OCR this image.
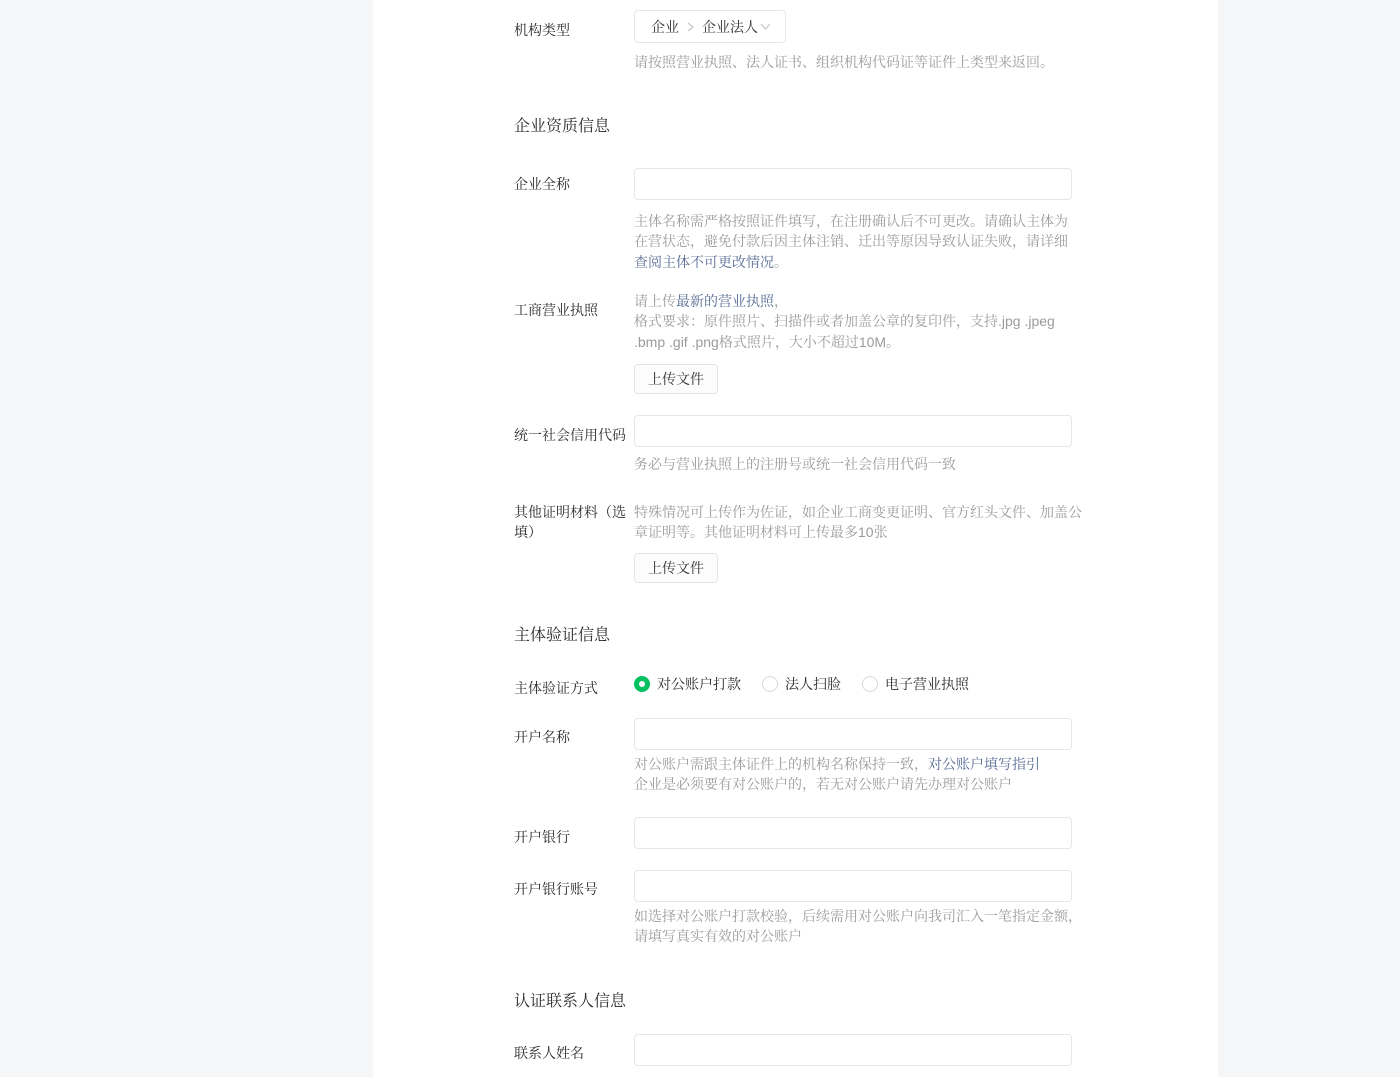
机构类型	企业 企业法人
请按照营业执照、法人证书、组织机构代码证等证件上类型来返回。
企业资质信息
企业全称
主体名称需严格按照证件填写，在注册确认后不可更改。请确认主体为在营状态，避免付款后因主体注销、迁出等原因导致认证失败，请详细查阅主体不可更改情况。
工商营业执照
请上传最新的营业执照，
格式要求：原件照片、扫描件或者加盖公章的复印件，支持.jpg .jpeg .bmp .gif .png格式照片，大小不超过10M。
上传文件
统一社会信用代码
务必与营业执照上的注册号或统一社会信用代码一致
其他证明材料（选填）
特殊情况可上传作为佐证，如企业工商变更证明、官方红头文件、加盖公章证明等。其他证明材料可上传最多10张
上传文件
主体验证信息
主体验证方式	对公账户打款	法人扫脸	电子营业执照
开户名称
对公账户需跟主体证件上的机构名称保持一致，对公账户填写指引
企业是必须要有对公账户的，若无对公账户请先办理对公账户
开户银行
开户银行账号
如选择对公账户打款校验，后续需用对公账户向我司汇入一笔指定金额，请填写真实有效的对公账户
认证联系人信息
联系人姓名
